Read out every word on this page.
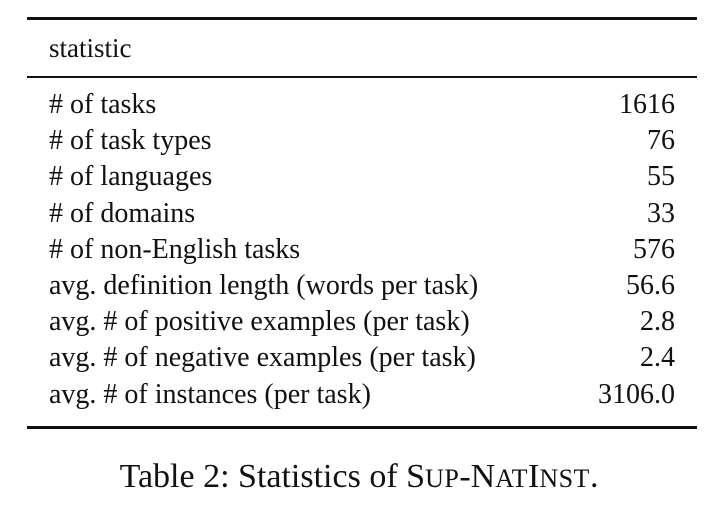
statistic
# of tasks	1616
# of task types	76
# of languages	55
# of domains	33
# of non-English tasks	576
avg. definition length (words per task)	56.6
avg. # of positive examples (per task)	2.8
avg. # of negative examples (per task)	2.4
avg. # of instances (per task)	3106.0
Table 2: Statistics of SUP-NATINST.
